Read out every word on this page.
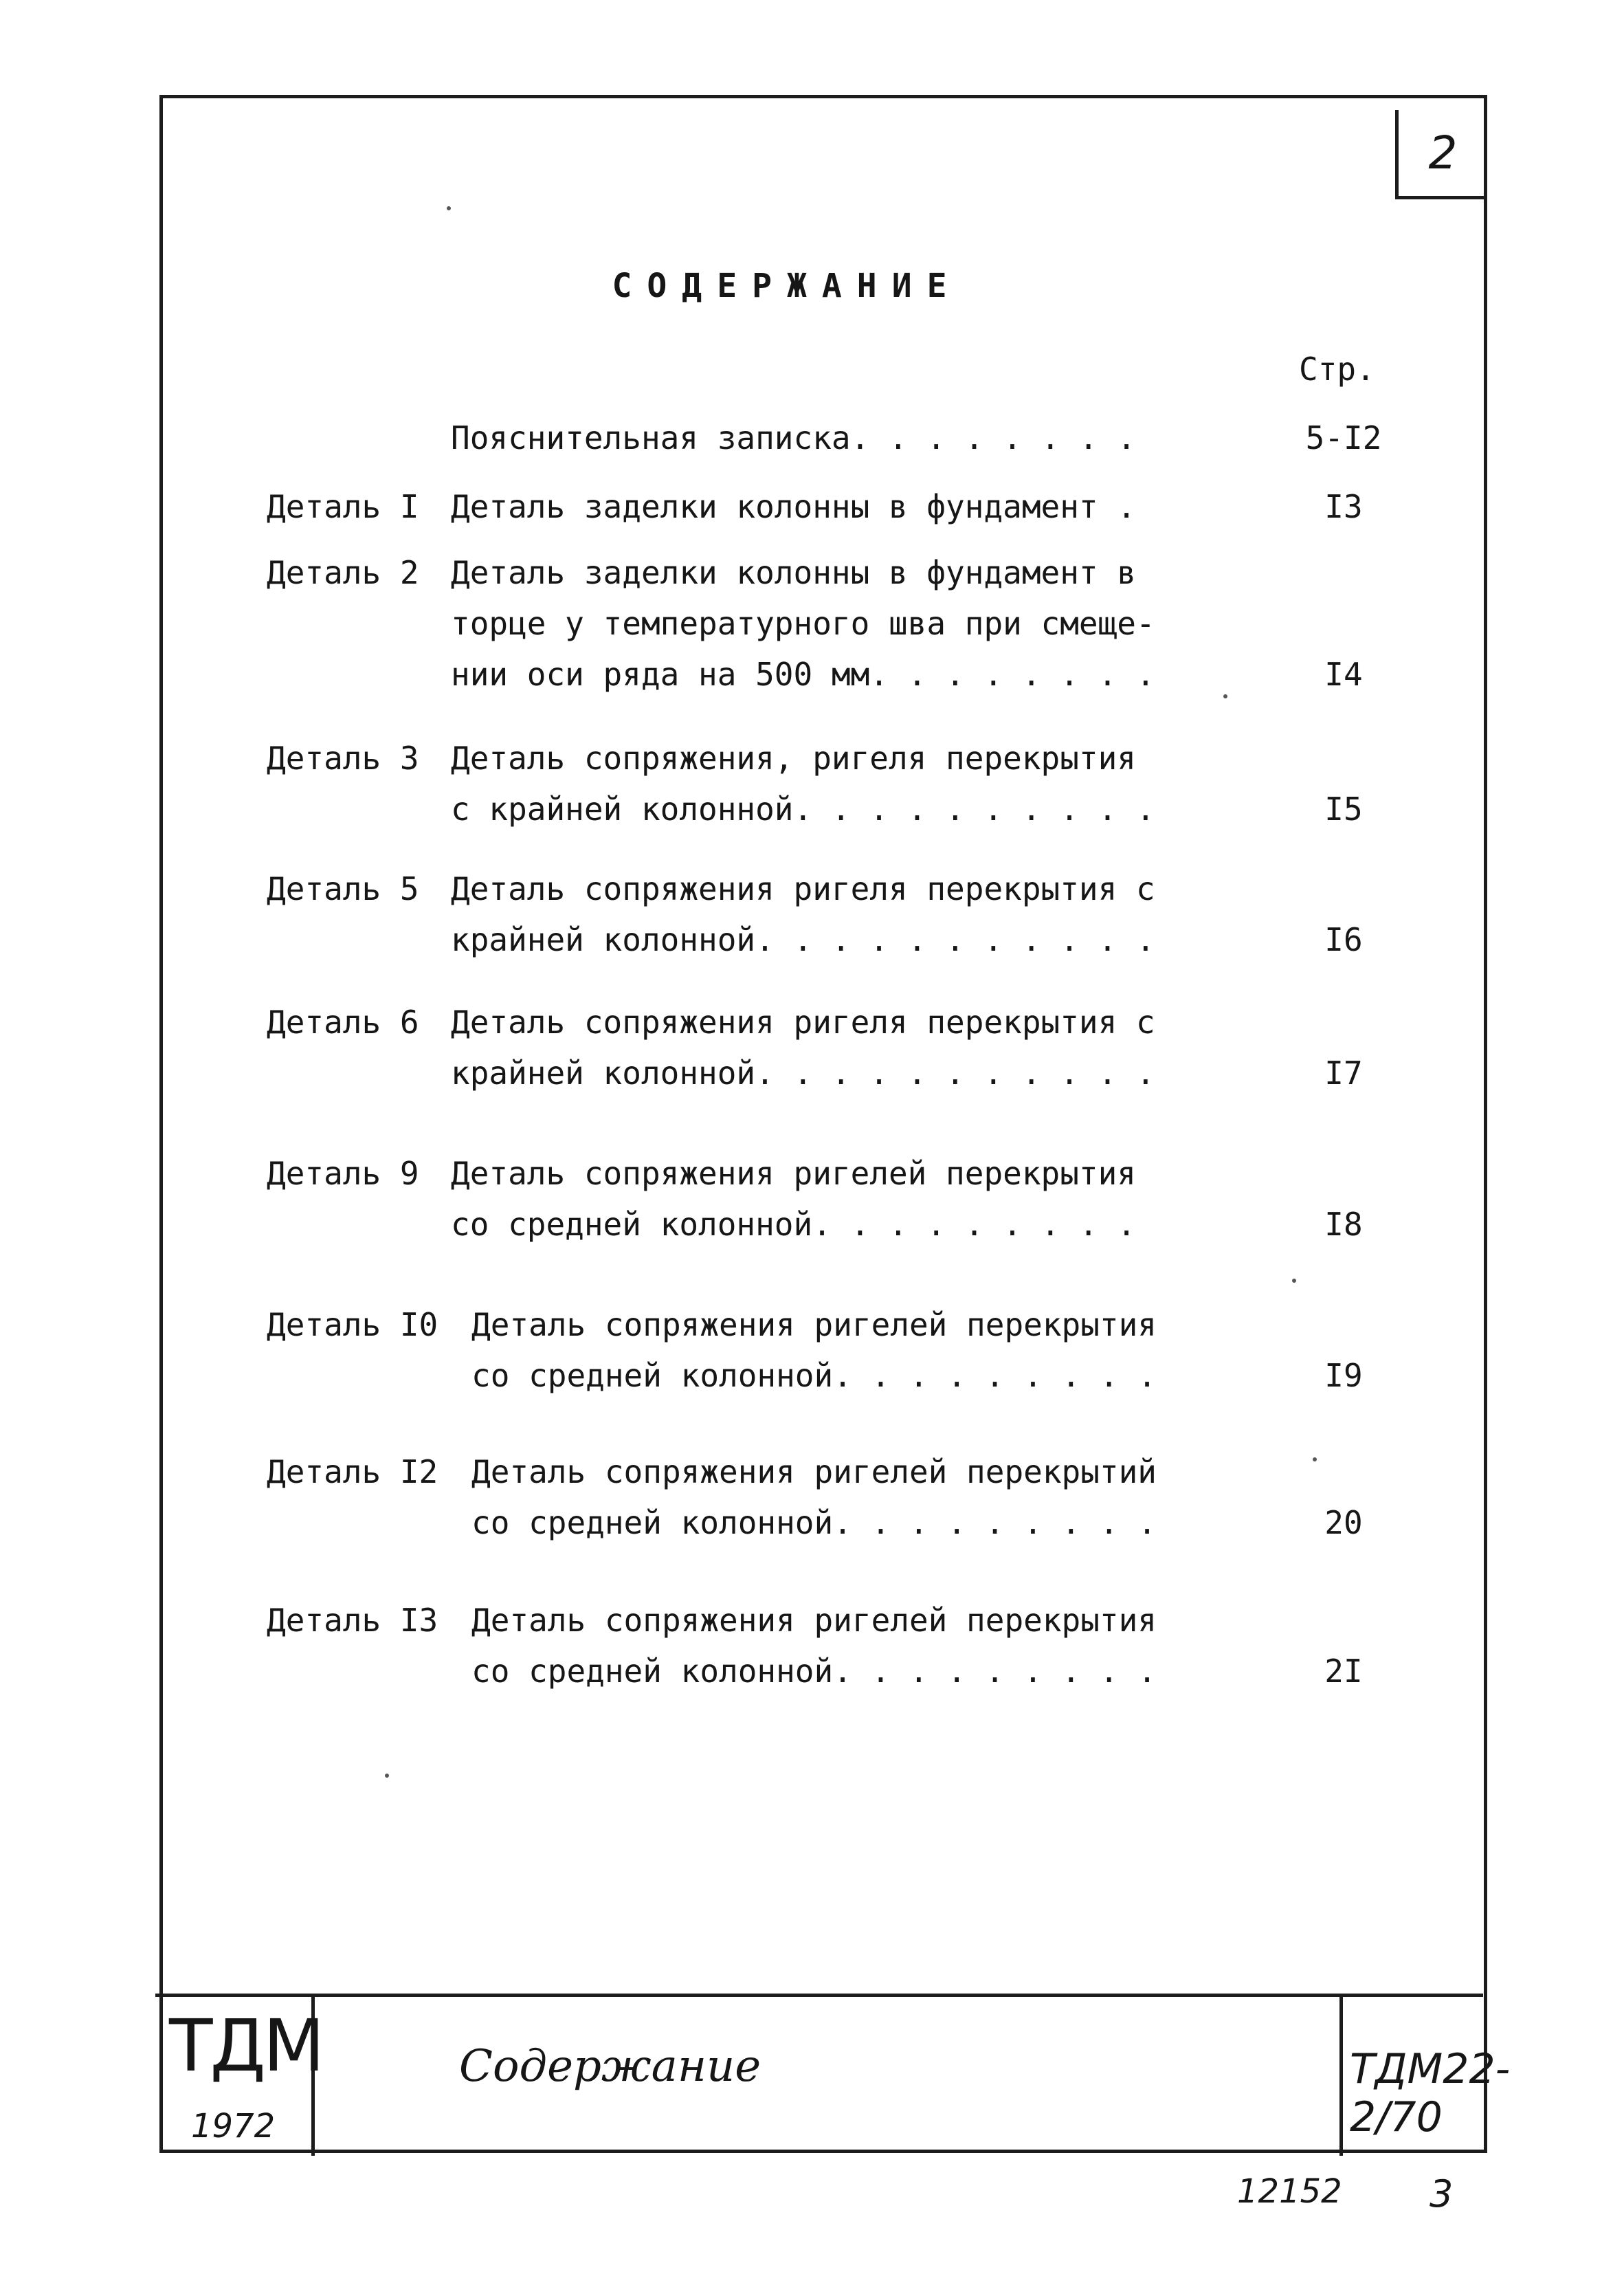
2
СОДЕРЖАНИЕ
Стр.
Пояснительная записка. . . . . . . .	5-I2
Деталь I Деталь заделки колонны в фундамент .	I3
Деталь 2 Деталь заделки колонны в фундамент в
торце у температурного шва при смеще-
нии оси ряда на 500 мм. . . . . . . .	I4
Деталь 3 Деталь сопряжения, ригеля перекрытия
с крайней колонной. . . . . . . . . .	I5
Деталь 5 Деталь сопряжения ригеля перекрытия с
крайней колонной. . . . . . . . . . .	I6
Деталь 6 Деталь сопряжения ригеля перекрытия с
крайней колонной. . . . . . . . . . .	I7
Деталь 9 Деталь сопряжения ригелей перекрытия
со средней колонной. . . . . . . . .	I8
Деталь I0 Деталь сопряжения ригелей перекрытия
со средней колонной. . . . . . . . .	I9
Деталь I2 Деталь сопряжения ригелей перекрытий
со средней колонной. . . . . . . . .	20
Деталь I3 Деталь сопряжения ригелей перекрытия
со средней колонной. . . . . . . . .	2I
ТДМ
1972
Содержание	ТДМ22-2/70
12152 3
